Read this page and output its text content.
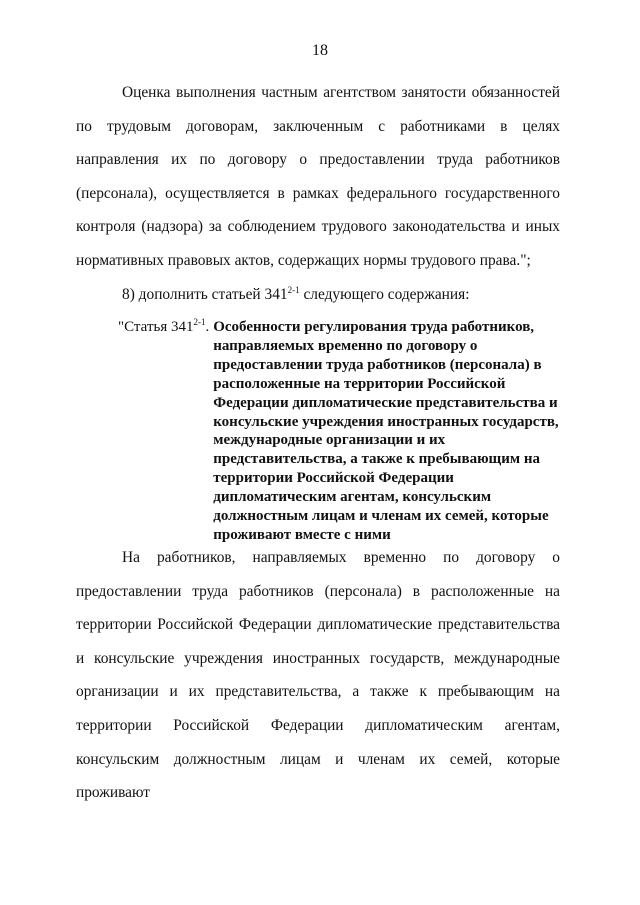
18

Оценка выполнения частным агентством занятости обязанностей по трудовым договорам, заключенным с работниками в целях направления их по договору о предоставлении труда работников (персонала), осуществляется в рамках федерального государственного контроля (надзора) за соблюдением трудового законодательства и иных нормативных правовых актов, содержащих нормы трудового права.";

8) дополнить статьей 341$^{2-1}$ следующего содержания:

"Статья 341$^{2-1}$. Особенности регулирования труда работников, направляемых временно по договору о предоставлении труда работников (персонала) в расположенные на территории Российской Федерации дипломатические представительства и консульские учреждения иностранных государств, международные организации и их представительства, а также к пребывающим на территории Российской Федерации дипломатическим агентам, консульским должностным лицам и членам их семей, которые проживают вместе с ними

На работников, направляемых временно по договору о предоставлении труда работников (персонала) в расположенные на территории Российской Федерации дипломатические представительства и консульские учреждения иностранных государств, международные организации и их представительства, а также к пребывающим на территории Российской Федерации дипломатическим агентам, консульским должностным лицам и членам их семей, которые проживают
